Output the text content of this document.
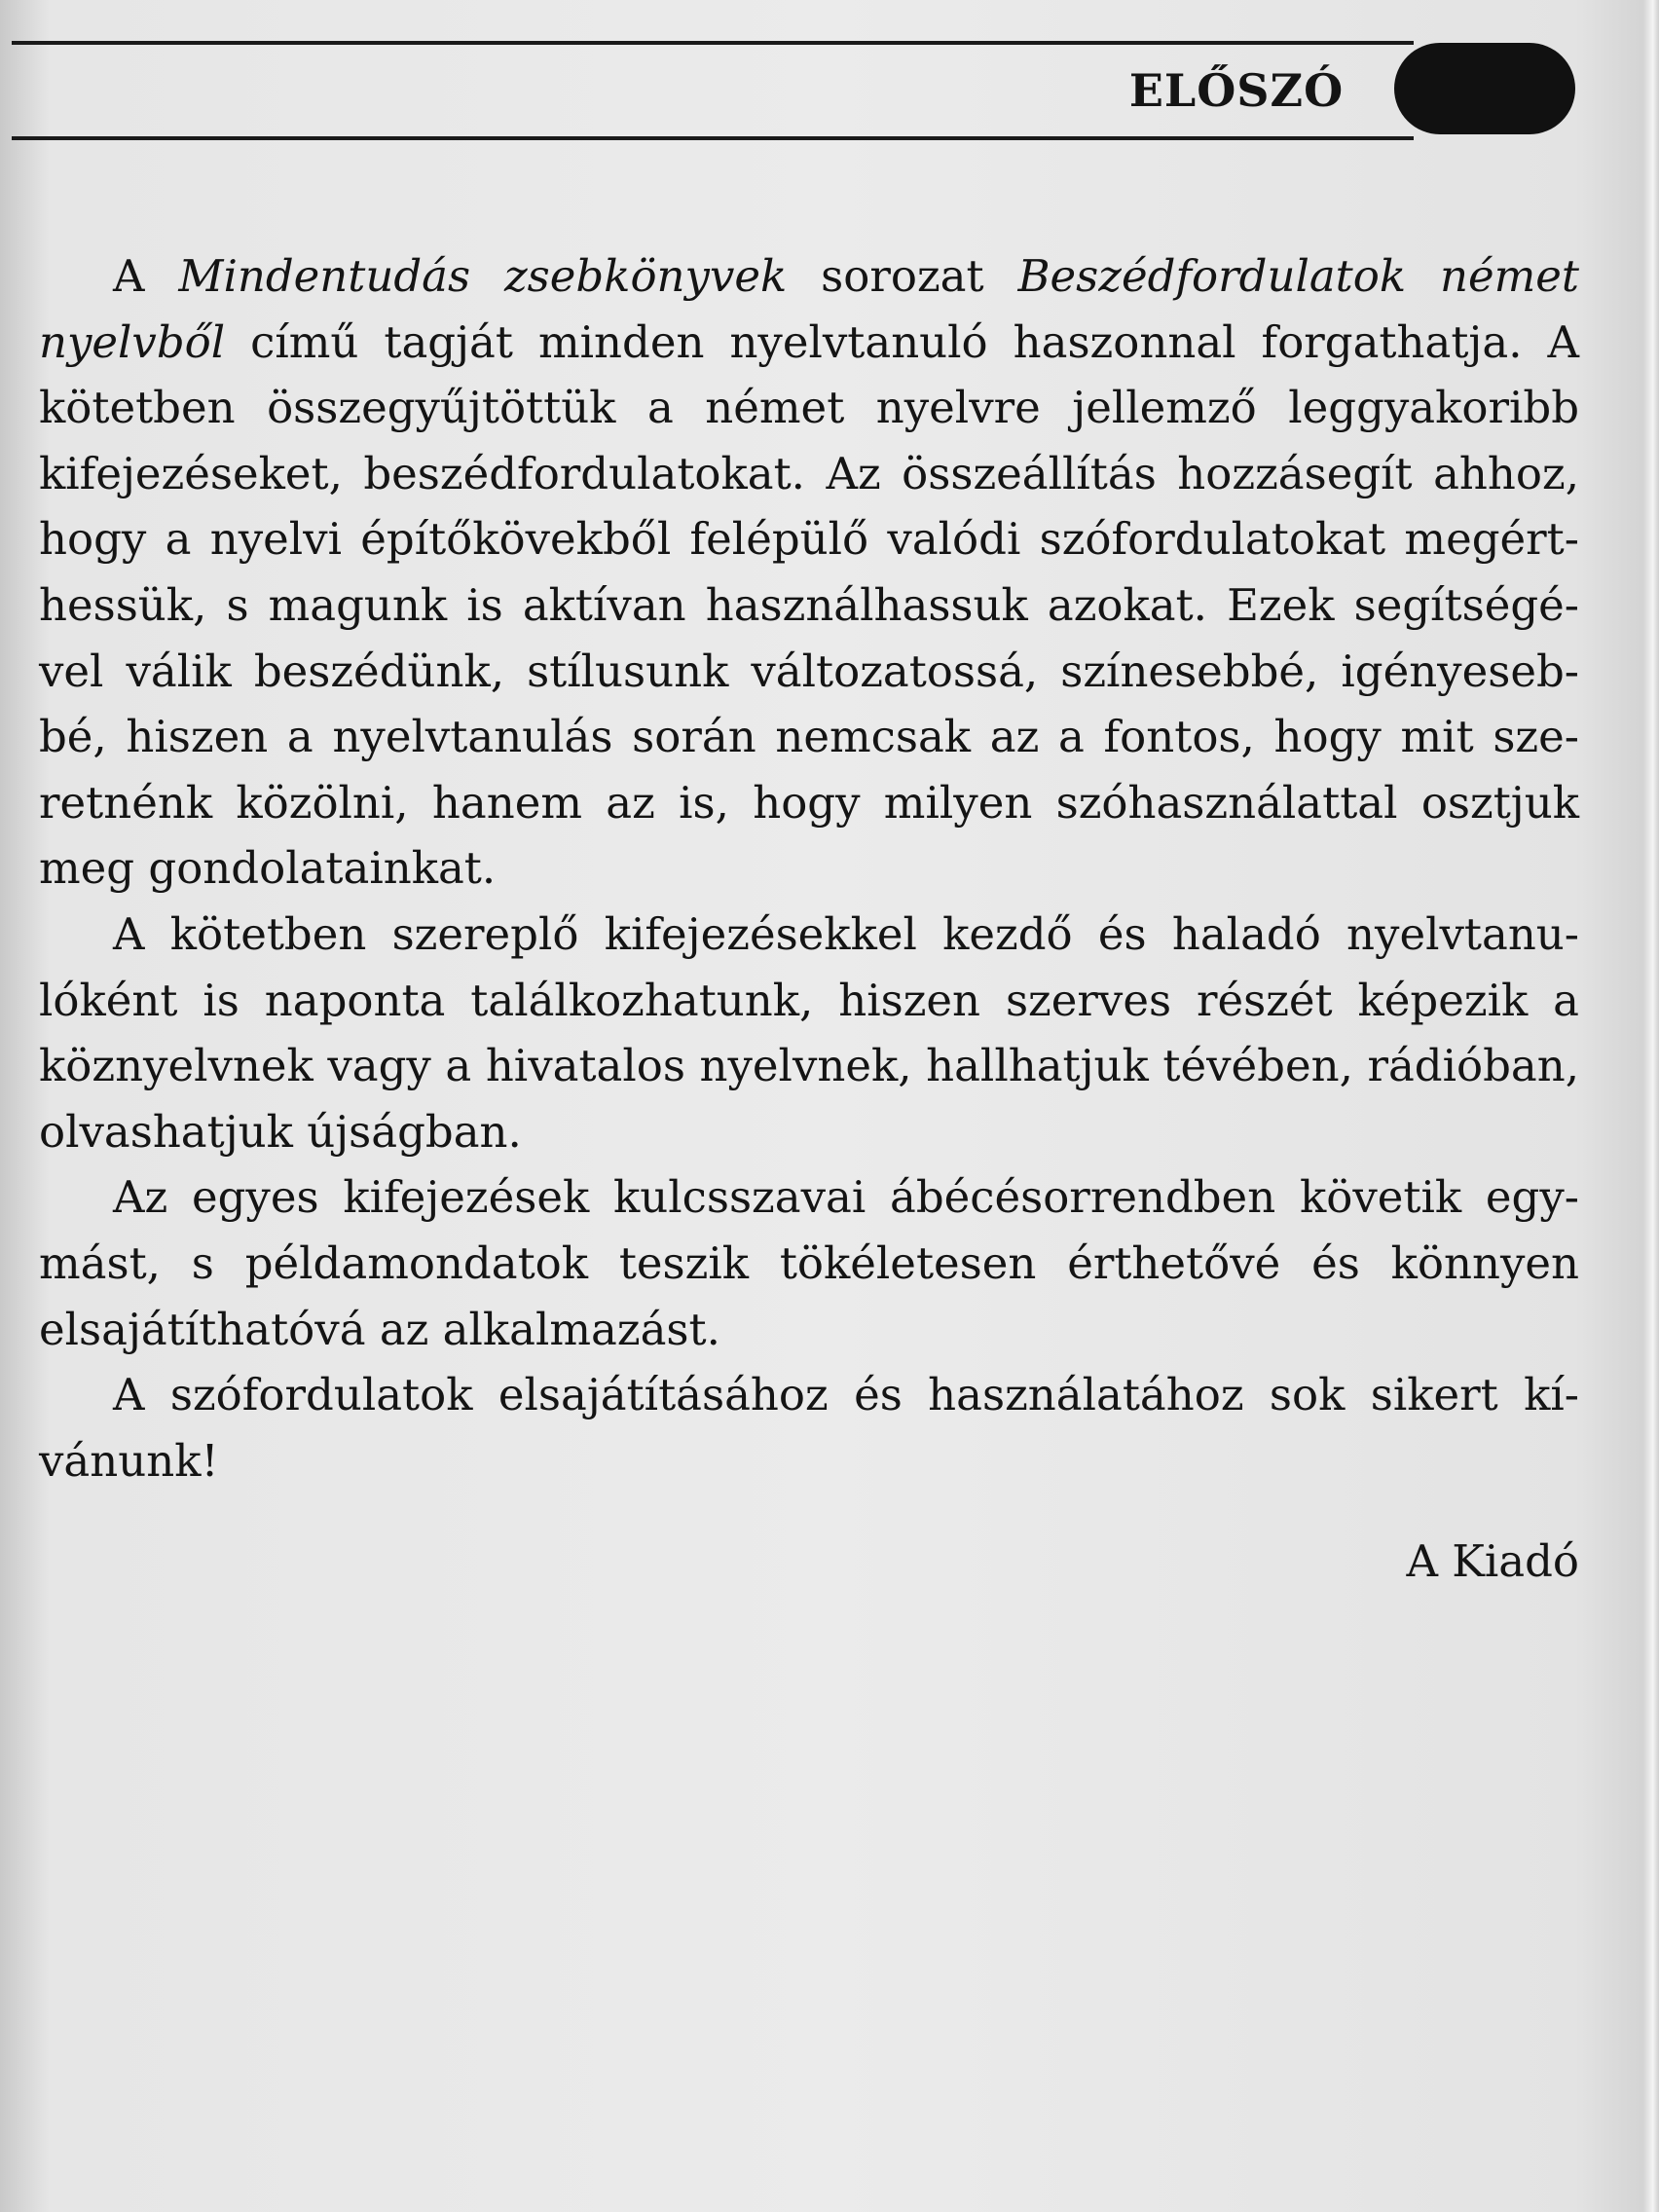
ELŐSZÓ

A Mindentudás zsebkönyvek sorozat Beszédfordulatok német nyelvből című tagját minden nyelvtanuló haszonnal forgathatja. A kötetben összegyűjtöttük a német nyelvre jellemző leggyakoribb kifejezéseket, beszédfordulatokat. Az összeállítás hozzásegít ahhoz, hogy a nyelvi építőkövekből felépülő valódi szófordulatokat megérthessük, s magunk is aktívan használhassuk azokat. Ezek segítségével válik beszédünk, stílusunk változatossá, színesebbé, igényesebbé, hiszen a nyelvtanulás során nemcsak az a fontos, hogy mit szeretnénk közölni, hanem az is, hogy milyen szóhasználattal osztjuk meg gondolatainkat.

A kötetben szereplő kifejezésekkel kezdő és haladó nyelvtanulóként is naponta találkozhatunk, hiszen szerves részét képezik a köznyelvnek vagy a hivatalos nyelvnek, hallhatjuk tévében, rádióban, olvashatjuk újságban.

Az egyes kifejezések kulcsszavai ábécésorrendben követik egymást, s példamondatok teszik tökéletesen érthetővé és könnyen elsajátíthatóvá az alkalmazást.

A szófordulatok elsajátításához és használatához sok sikert kívánunk!

A Kiadó
